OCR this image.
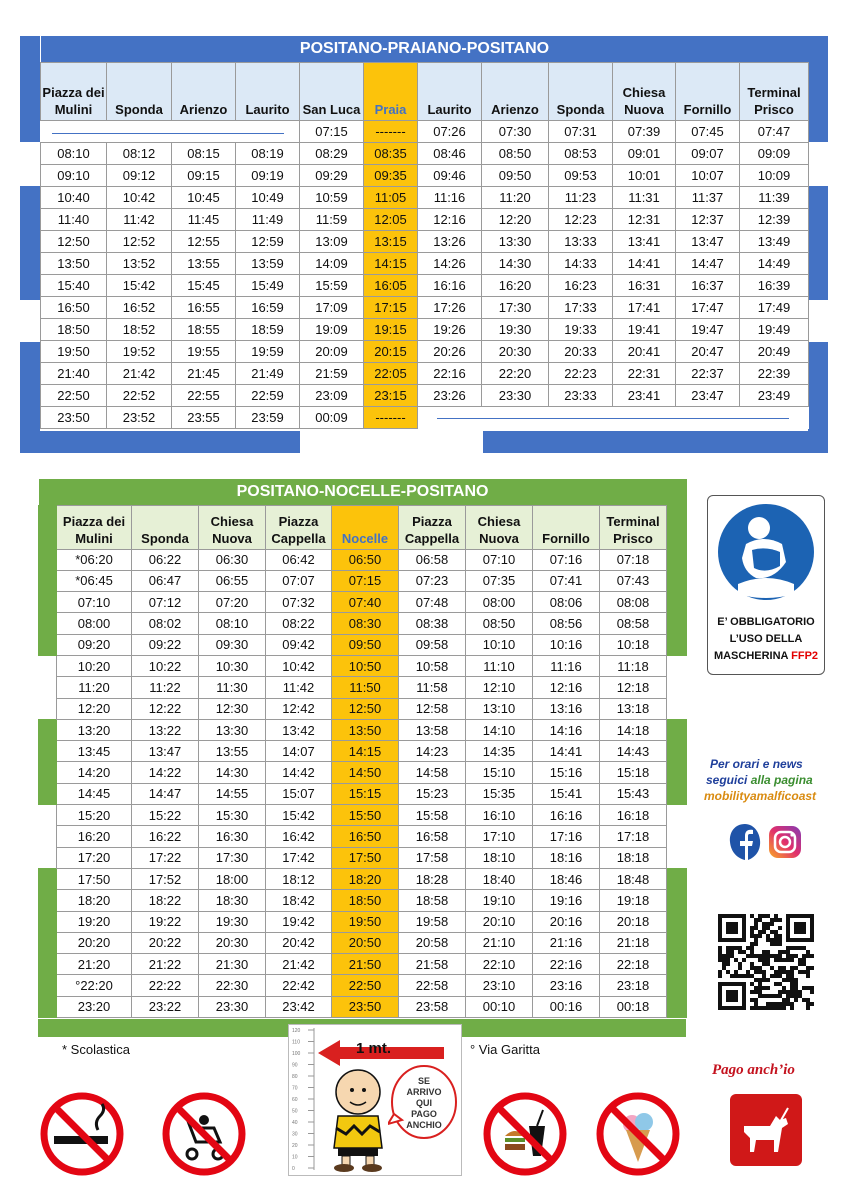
POSITANO-PRAIANO-POSITANO											
Piazza dei Mulini	Sponda	Arienzo	Laurito	San Luca	Praia	Laurito	Arienzo	Sponda	Chiesa Nuova	Fornillo	Terminal Prisco
				07:15	-------	07:26	07:30	07:31	07:39	07:45	07:47
08:10	08:12	08:15	08:19	08:29	08:35	08:46	08:50	08:53	09:01	09:07	09:09
09:10	09:12	09:15	09:19	09:29	09:35	09:46	09:50	09:53	10:01	10:07	10:09
10:40	10:42	10:45	10:49	10:59	11:05	11:16	11:20	11:23	11:31	11:37	11:39
11:40	11:42	11:45	11:49	11:59	12:05	12:16	12:20	12:23	12:31	12:37	12:39
12:50	12:52	12:55	12:59	13:09	13:15	13:26	13:30	13:33	13:41	13:47	13:49
13:50	13:52	13:55	13:59	14:09	14:15	14:26	14:30	14:33	14:41	14:47	14:49
15:40	15:42	15:45	15:49	15:59	16:05	16:16	16:20	16:23	16:31	16:37	16:39
16:50	16:52	16:55	16:59	17:09	17:15	17:26	17:30	17:33	17:41	17:47	17:49
18:50	18:52	18:55	18:59	19:09	19:15	19:26	19:30	19:33	19:41	19:47	19:49
19:50	19:52	19:55	19:59	20:09	20:15	20:26	20:30	20:33	20:41	20:47	20:49
21:40	21:42	21:45	21:49	21:59	22:05	22:16	22:20	22:23	22:31	22:37	22:39
22:50	22:52	22:55	22:59	23:09	23:15	23:26	23:30	23:33	23:41	23:47	23:49
23:50	23:52	23:55	23:59	00:09	-------						
POSITANO-NOCELLE-POSITANO										
	Piazza dei Mulini	Sponda	Chiesa Nuova	Piazza Cappella	Nocelle	Piazza Cappella	Chiesa Nuova	Fornillo	Terminal Prisco	
	*06:20	06:22	06:30	06:42	06:50	06:58	07:10	07:16	07:18	
	*06:45	06:47	06:55	07:07	07:15	07:23	07:35	07:41	07:43	
	07:10	07:12	07:20	07:32	07:40	07:48	08:00	08:06	08:08	
	08:00	08:02	08:10	08:22	08:30	08:38	08:50	08:56	08:58	
	09:20	09:22	09:30	09:42	09:50	09:58	10:10	10:16	10:18	
	10:20	10:22	10:30	10:42	10:50	10:58	11:10	11:16	11:18	
	11:20	11:22	11:30	11:42	11:50	11:58	12:10	12:16	12:18	
	12:20	12:22	12:30	12:42	12:50	12:58	13:10	13:16	13:18	
	13:20	13:22	13:30	13:42	13:50	13:58	14:10	14:16	14:18	
	13:45	13:47	13:55	14:07	14:15	14:23	14:35	14:41	14:43	
	14:20	14:22	14:30	14:42	14:50	14:58	15:10	15:16	15:18	
	14:45	14:47	14:55	15:07	15:15	15:23	15:35	15:41	15:43	
	15:20	15:22	15:30	15:42	15:50	15:58	16:10	16:16	16:18	
	16:20	16:22	16:30	16:42	16:50	16:58	17:10	17:16	17:18	
	17:20	17:22	17:30	17:42	17:50	17:58	18:10	18:16	18:18	
	17:50	17:52	18:00	18:12	18:20	18:28	18:40	18:46	18:48	
	18:20	18:22	18:30	18:42	18:50	18:58	19:10	19:16	19:18	
	19:20	19:22	19:30	19:42	19:50	19:58	20:10	20:16	20:18	
	20:20	20:22	20:30	20:42	20:50	20:58	21:10	21:16	21:18	
	21:20	21:22	21:30	21:42	21:50	21:58	22:10	22:16	22:18	
	°22:20	22:22	22:30	22:42	22:50	22:58	23:10	23:16	23:18	
	23:20	23:22	23:30	23:42	23:50	23:58	00:10	00:16	00:18	
* Scolastica	° Via Garitta
E’ OBBLIGATORIO
L’USO DELLA
MASCHERINA FFP2
Per orari e news
seguici alla pagina
mobilityamalficoast
Pago anch’io
120
110
100
90
80
70
60
50
40
30
20
10
0
1 mt.
SE
ARRIVO
QUI
PAGO
ANCHIO
